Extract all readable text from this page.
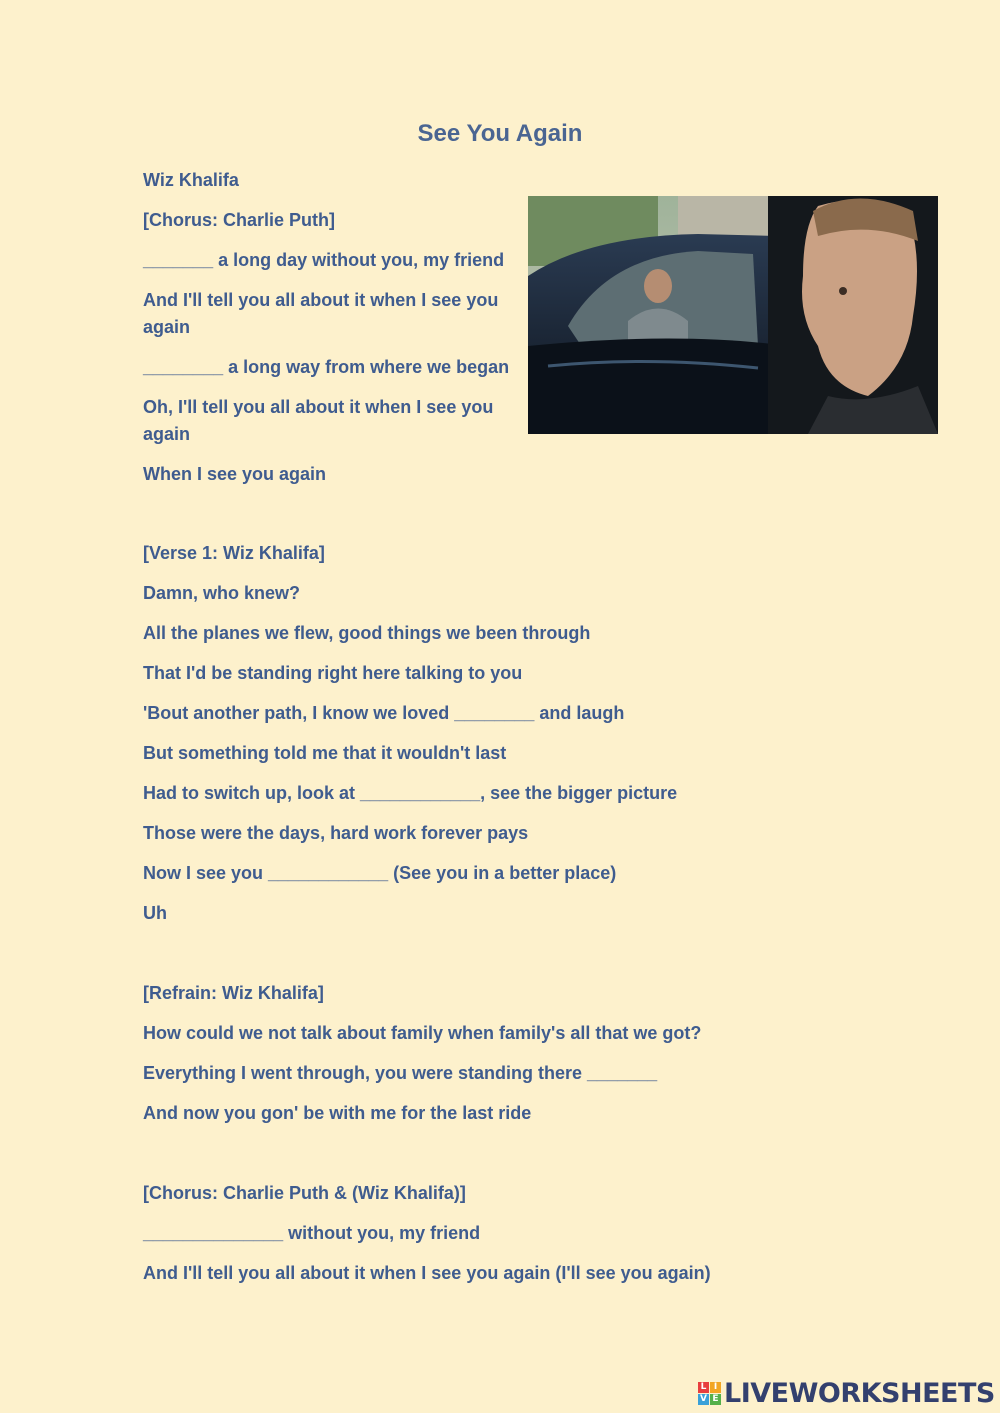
See You Again
Wiz Khalifa
[Chorus: Charlie Puth]
_______ a long day without you, my friend
And I'll tell you all about it when I see you
again
________ a long way from where we began
Oh, I'll tell you all about it when I see you
again
When I see you again
[Verse 1: Wiz Khalifa]
Damn, who knew?
All the planes we flew, good things we been through
That I'd be standing right here talking to you
'Bout another path, I know we loved ________ and laugh
But something told me that it wouldn't last
Had to switch up, look at ____________, see the bigger picture
Those were the days, hard work forever pays
Now I see you ____________ (See you in a better place)
Uh
[Refrain: Wiz Khalifa]
How could we not talk about family when family's all that we got?
Everything I went through, you were standing there _______
And now you gon' be with me for the last ride
[Chorus: Charlie Puth & (Wiz Khalifa)]
______________ without you, my friend
And I'll tell you all about it when I see you again (I'll see you again)
L I
V E LIVEWORKSHEETS
